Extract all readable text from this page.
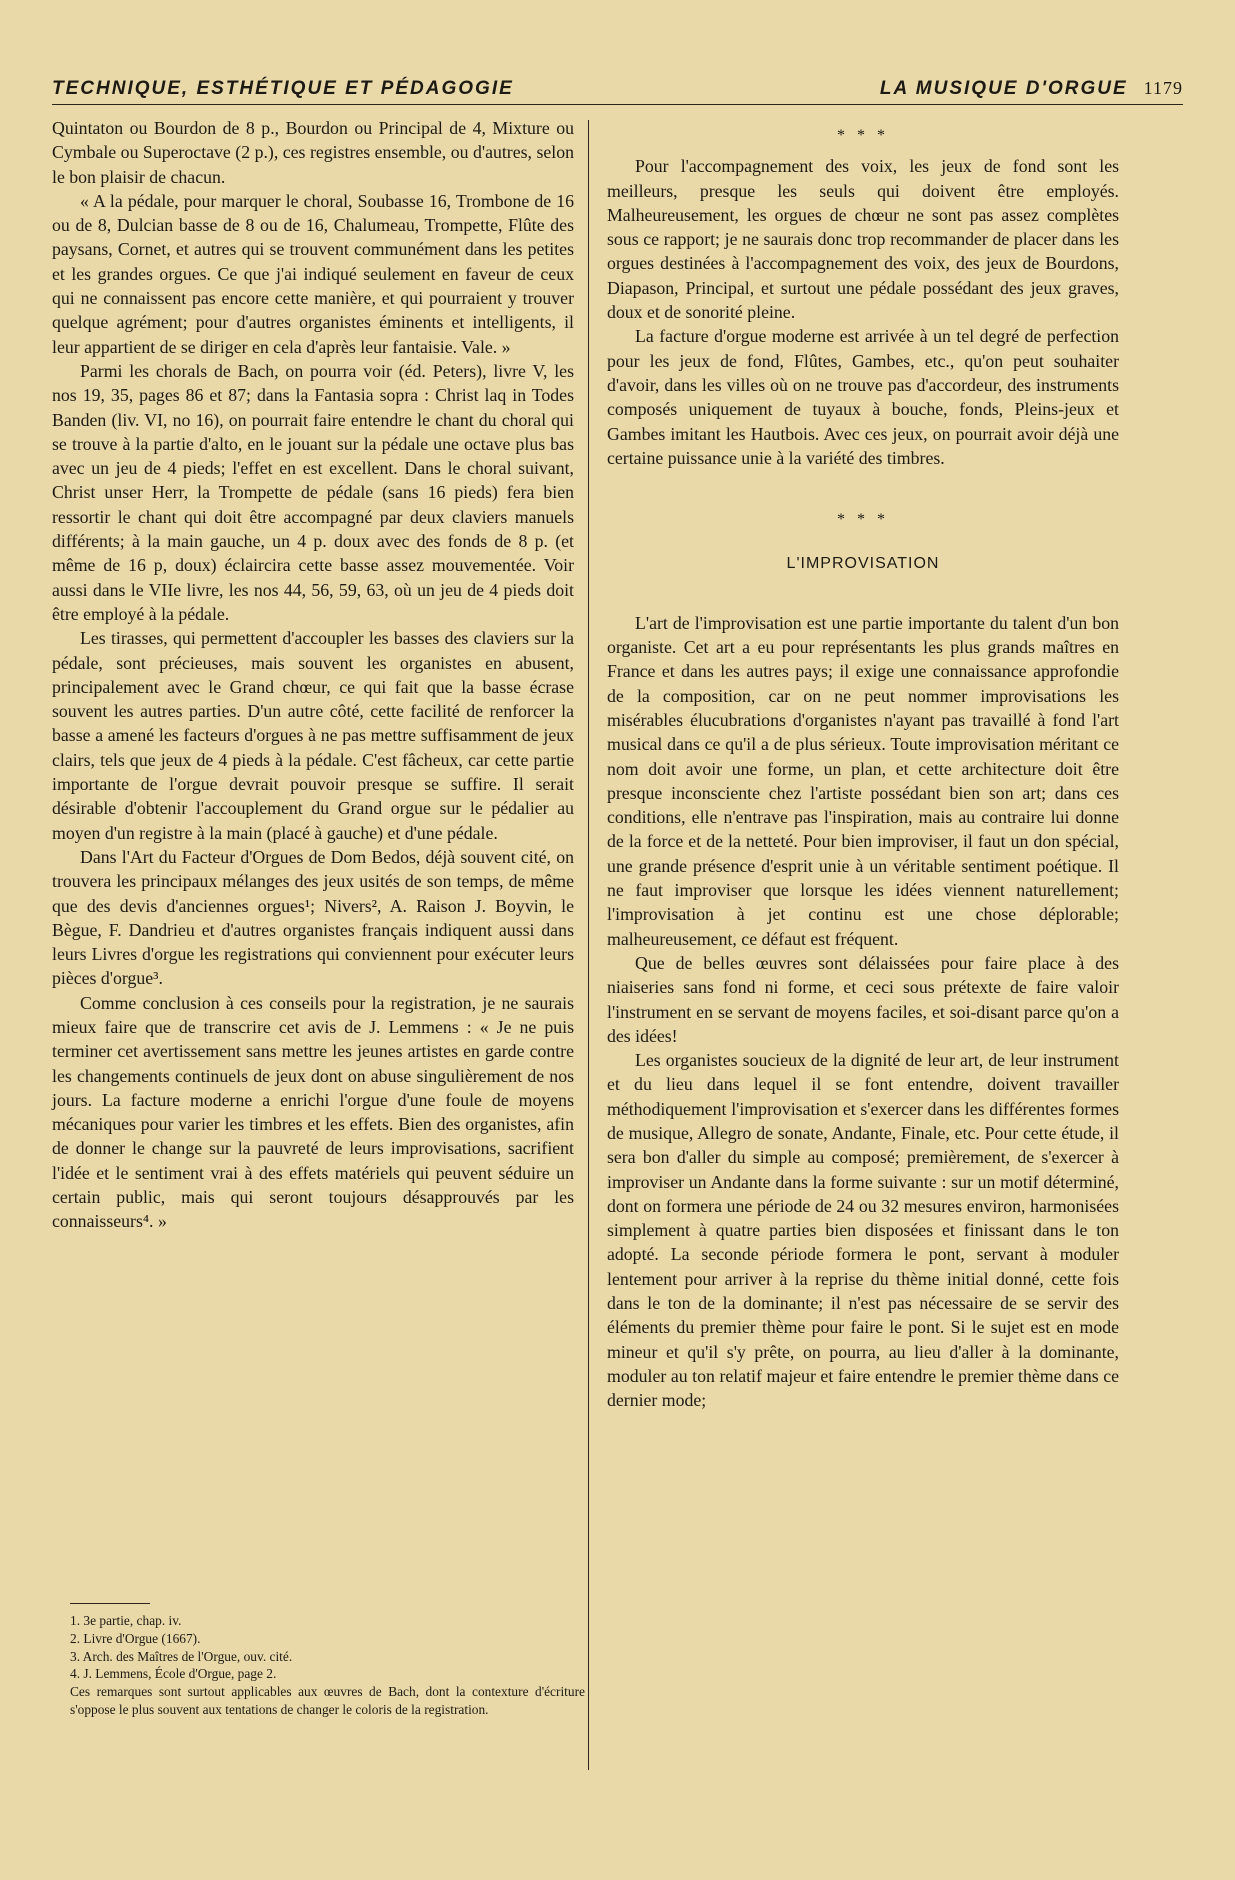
TECHNIQUE, ESTHÉTIQUE ET PÉDAGOGIE	LA MUSIQUE D'ORGUE 1179

Quintaton ou Bourdon de 8 p., Bourdon ou Principal de 4, Mixture ou Cymbale ou Superoctave (2 p.), ces registres ensemble, ou d'autres, selon le bon plaisir de chacun.

« A la pédale, pour marquer le choral, Soubasse 16, Trombone de 16 ou de 8, Dulcian basse de 8 ou de 16, Chalumeau, Trompette, Flûte des paysans, Cornet, et autres qui se trouvent communément dans les petites et les grandes orgues. Ce que j'ai indiqué seulement en faveur de ceux qui ne connaissent pas encore cette manière, et qui pourraient y trouver quelque agrément; pour d'autres organistes éminents et intelligents, il leur appartient de se diriger en cela d'après leur fantaisie. Vale. »

Parmi les chorals de Bach, on pourra voir (éd. Peters), livre V, les nos 19, 35, pages 86 et 87; dans la Fantasia sopra : Christ laq in Todes Banden (liv. VI, no 16), on pourrait faire entendre le chant du choral qui se trouve à la partie d'alto, en le jouant sur la pédale une octave plus bas avec un jeu de 4 pieds; l'effet en est excellent. Dans le choral suivant, Christ unser Herr, la Trompette de pédale (sans 16 pieds) fera bien ressortir le chant qui doit être accompagné par deux claviers manuels différents; à la main gauche, un 4 p. doux avec des fonds de 8 p. (et même de 16 p, doux) éclaircira cette basse assez mouvementée. Voir aussi dans le VIIe livre, les nos 44, 56, 59, 63, où un jeu de 4 pieds doit être employé à la pédale.

Les tirasses, qui permettent d'accoupler les basses des claviers sur la pédale, sont précieuses, mais souvent les organistes en abusent, principalement avec le Grand chœur, ce qui fait que la basse écrase souvent les autres parties. D'un autre côté, cette facilité de renforcer la basse a amené les facteurs d'orgues à ne pas mettre suffisamment de jeux clairs, tels que jeux de 4 pieds à la pédale. C'est fâcheux, car cette partie importante de l'orgue devrait pouvoir presque se suffire. Il serait désirable d'obtenir l'accouplement du Grand orgue sur le pédalier au moyen d'un registre à la main (placé à gauche) et d'une pédale.

Dans l'Art du Facteur d'Orgues de Dom Bedos, déjà souvent cité, on trouvera les principaux mélanges des jeux usités de son temps, de même que des devis d'anciennes orgues¹; Nivers², A. Raison J. Boyvin, le Bègue, F. Dandrieu et d'autres organistes français indiquent aussi dans leurs Livres d'orgue les registrations qui conviennent pour exécuter leurs pièces d'orgue³.

Comme conclusion à ces conseils pour la registration, je ne saurais mieux faire que de transcrire cet avis de J. Lemmens : « Je ne puis terminer cet avertissement sans mettre les jeunes artistes en garde contre les changements continuels de jeux dont on abuse singulièrement de nos jours. La facture moderne a enrichi l'orgue d'une foule de moyens mécaniques pour varier les timbres et les effets. Bien des organistes, afin de donner le change sur la pauvreté de leurs improvisations, sacrifient l'idée et le sentiment vrai à des effets matériels qui peuvent séduire un certain public, mais qui seront toujours désapprouvés par les connaisseurs⁴. »

1. 3e partie, chap. iv.

2. Livre d'Orgue (1667).

3. Arch. des Maîtres de l'Orgue, ouv. cité.

4. J. Lemmens, École d'Orgue, page 2.

Ces remarques sont surtout applicables aux œuvres de Bach, dont la contexture d'écriture s'oppose le plus souvent aux tentations de changer le coloris de la registration.

* * *

Pour l'accompagnement des voix, les jeux de fond sont les meilleurs, presque les seuls qui doivent être employés. Malheureusement, les orgues de chœur ne sont pas assez complètes sous ce rapport; je ne saurais donc trop recommander de placer dans les orgues destinées à l'accompagnement des voix, des jeux de Bourdons, Diapason, Principal, et surtout une pédale possédant des jeux graves, doux et de sonorité pleine.

La facture d'orgue moderne est arrivée à un tel degré de perfection pour les jeux de fond, Flûtes, Gambes, etc., qu'on peut souhaiter d'avoir, dans les villes où on ne trouve pas d'accordeur, des instruments composés uniquement de tuyaux à bouche, fonds, Pleins-jeux et Gambes imitant les Hautbois. Avec ces jeux, on pourrait avoir déjà une certaine puissance unie à la variété des timbres.

* * *
L'IMPROVISATION

L'art de l'improvisation est une partie importante du talent d'un bon organiste. Cet art a eu pour représentants les plus grands maîtres en France et dans les autres pays; il exige une connaissance approfondie de la composition, car on ne peut nommer improvisations les misérables élucubrations d'organistes n'ayant pas travaillé à fond l'art musical dans ce qu'il a de plus sérieux. Toute improvisation méritant ce nom doit avoir une forme, un plan, et cette architecture doit être presque inconsciente chez l'artiste possédant bien son art; dans ces conditions, elle n'entrave pas l'inspiration, mais au contraire lui donne de la force et de la netteté. Pour bien improviser, il faut un don spécial, une grande présence d'esprit unie à un véritable sentiment poétique. Il ne faut improviser que lorsque les idées viennent naturellement; l'improvisation à jet continu est une chose déplorable; malheureusement, ce défaut est fréquent.

Que de belles œuvres sont délaissées pour faire place à des niaiseries sans fond ni forme, et ceci sous prétexte de faire valoir l'instrument en se servant de moyens faciles, et soi-disant parce qu'on a des idées!

Les organistes soucieux de la dignité de leur art, de leur instrument et du lieu dans lequel il se font entendre, doivent travailler méthodiquement l'improvisation et s'exercer dans les différentes formes de musique, Allegro de sonate, Andante, Finale, etc. Pour cette étude, il sera bon d'aller du simple au composé; premièrement, de s'exercer à improviser un Andante dans la forme suivante : sur un motif déterminé, dont on formera une période de 24 ou 32 mesures environ, harmonisées simplement à quatre parties bien disposées et finissant dans le ton adopté. La seconde période formera le pont, servant à moduler lentement pour arriver à la reprise du thème initial donné, cette fois dans le ton de la dominante; il n'est pas nécessaire de se servir des éléments du premier thème pour faire le pont. Si le sujet est en mode mineur et qu'il s'y prête, on pourra, au lieu d'aller à la dominante, moduler au ton relatif majeur et faire entendre le premier thème dans ce dernier mode;
